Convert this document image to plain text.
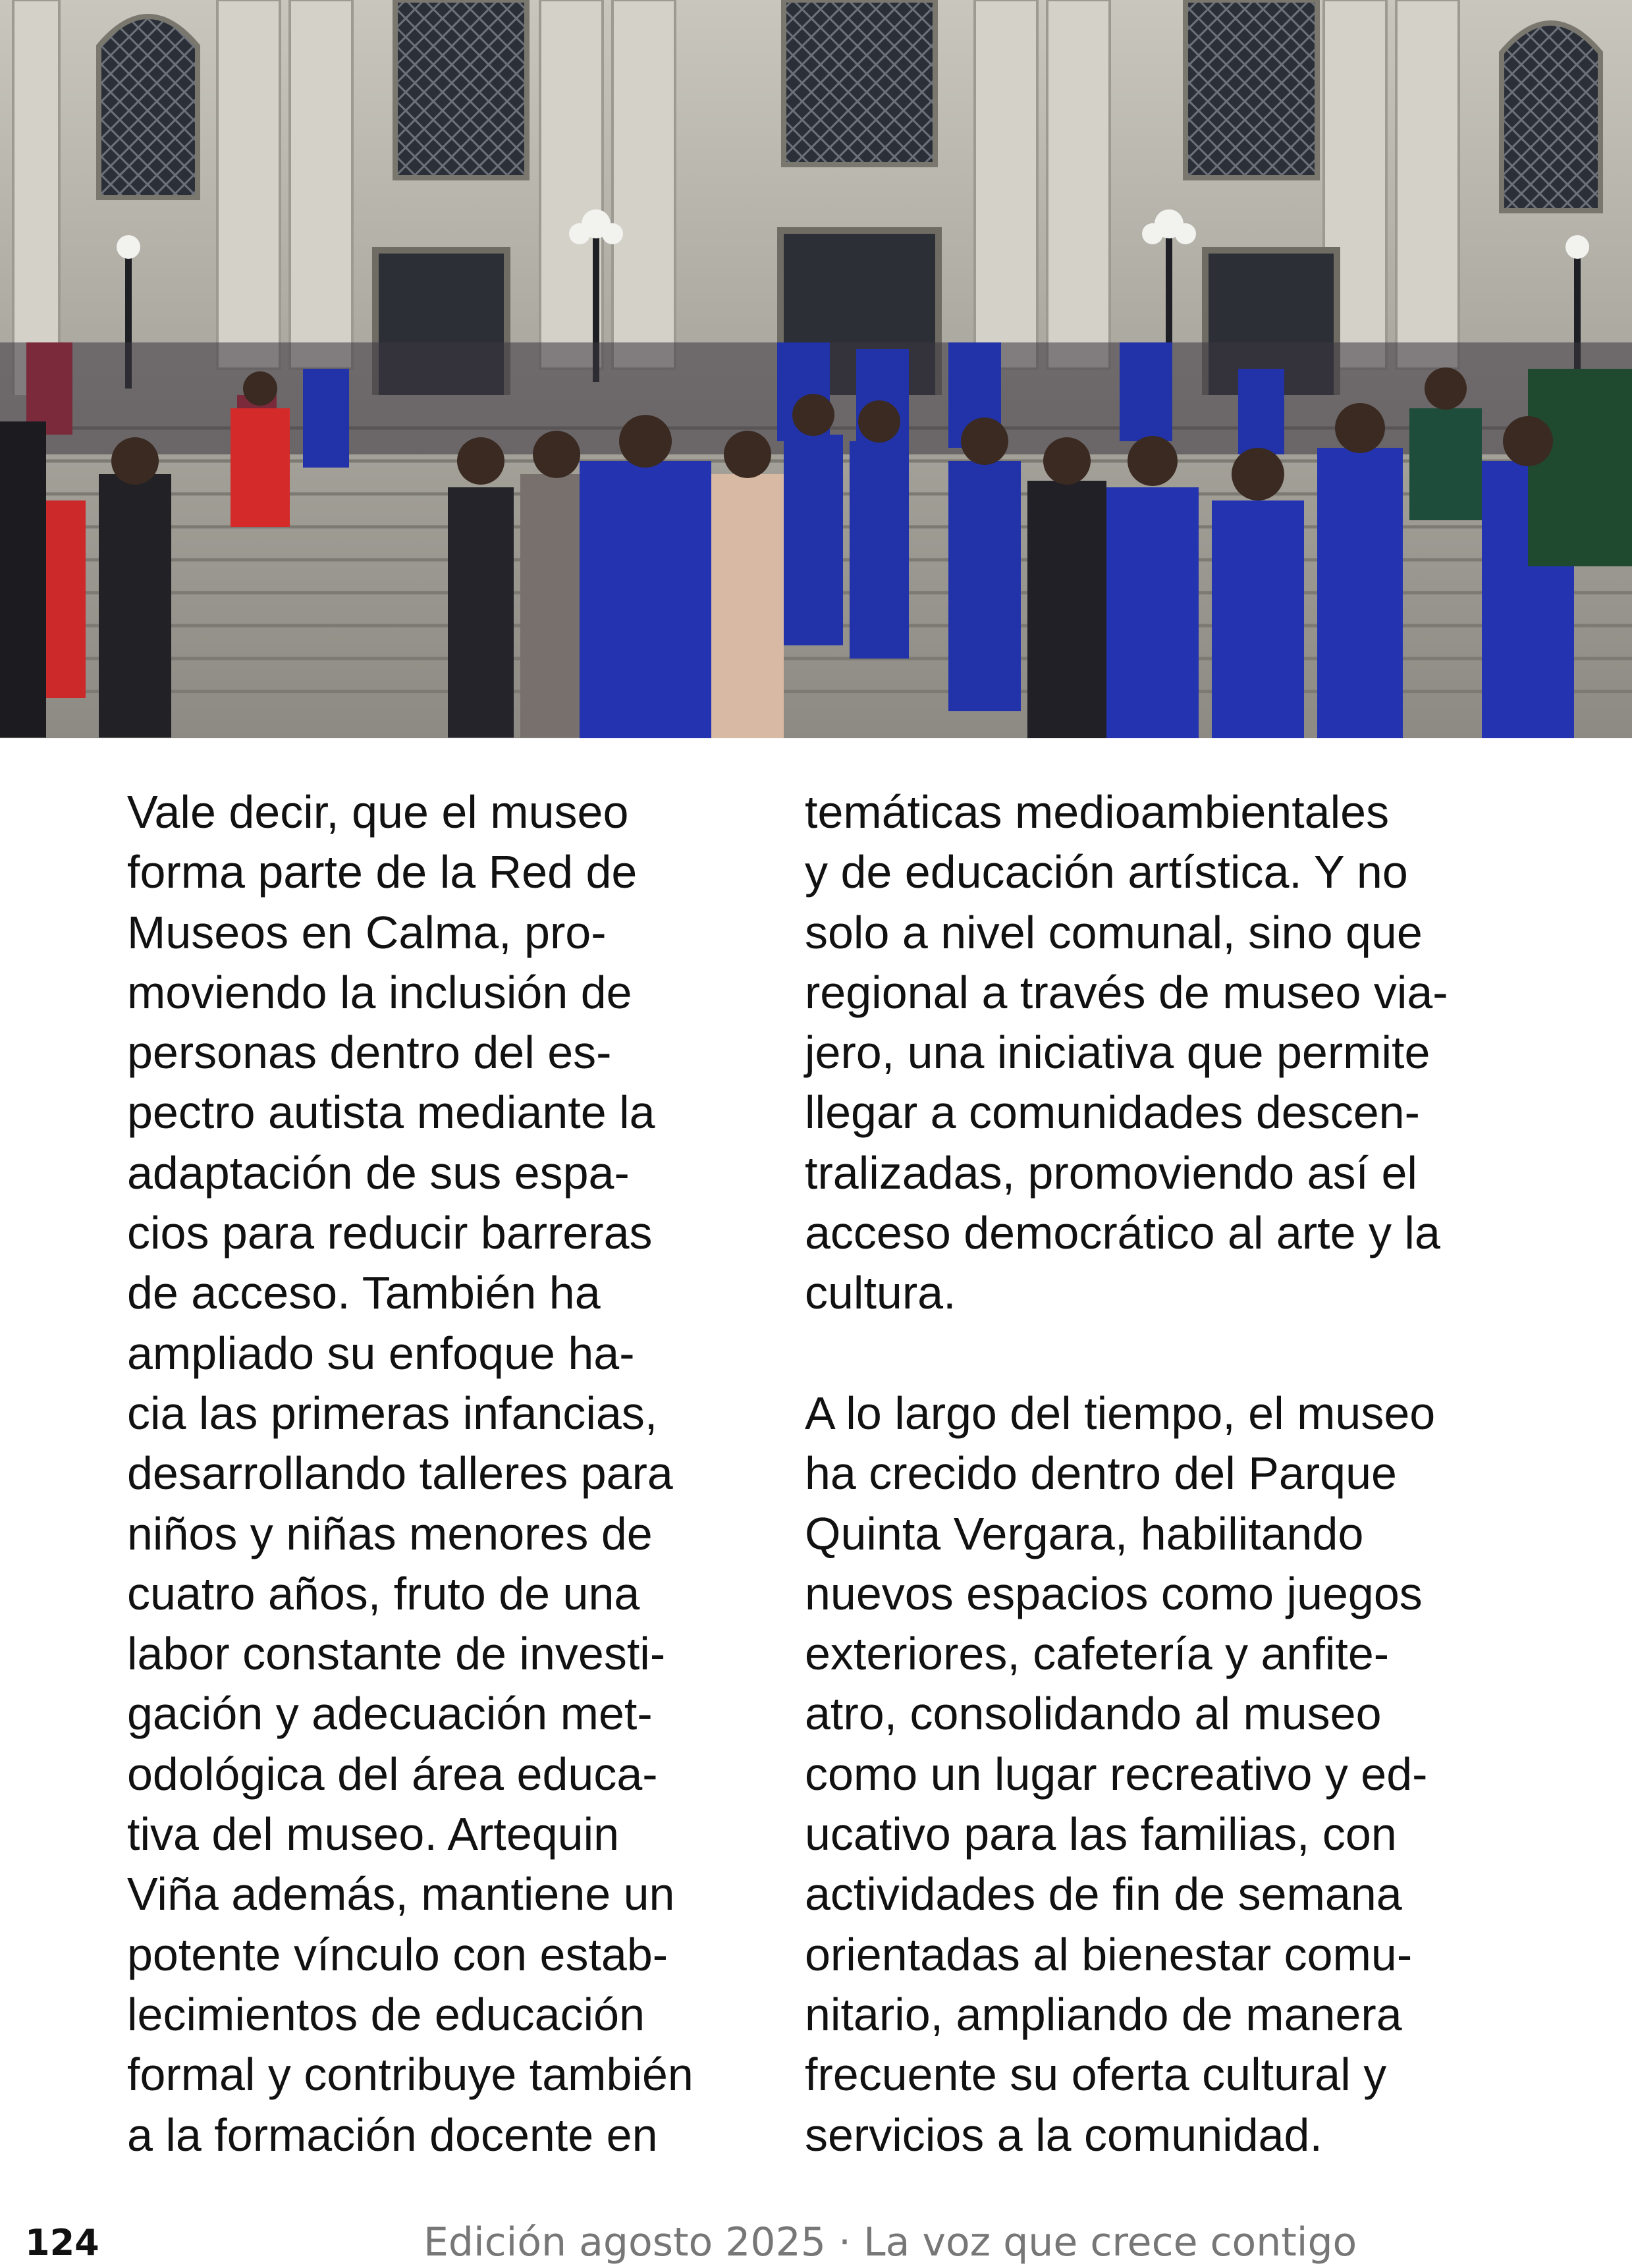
Vale decir, que el museo
forma parte de la Red de
Museos en Calma, pro-
moviendo la inclusión de
personas dentro del es-
pectro autista mediante la
adaptación de sus espa-
cios para reducir barreras
de acceso. También ha
ampliado su enfoque ha-
cia las primeras infancias,
desarrollando talleres para
niños y niñas menores de
cuatro años, fruto de una
labor constante de investi-
gación y adecuación met-
odológica del área educa-
tiva del museo. Artequin
Viña además, mantiene un
potente vínculo con estab-
lecimientos de educación
formal y contribuye también
a la formación docente en
temáticas medioambientales
y de educación artística. Y no
solo a nivel comunal, sino que
regional a través de museo via-
jero, una iniciativa que permite
llegar a comunidades descen-
tralizadas, promoviendo así el
acceso democrático al arte y la
cultura.
A lo largo del tiempo, el museo
ha crecido dentro del Parque
Quinta Vergara, habilitando
nuevos espacios como juegos
exteriores, cafetería y anfite-
atro, consolidando al museo
como un lugar recreativo y ed-
ucativo para las familias, con
actividades de fin de semana
orientadas al bienestar comu-
nitario, ampliando de manera
frecuente su oferta cultural y
servicios a la comunidad.
124	Edición agosto 2025 · La voz que crece contigo
